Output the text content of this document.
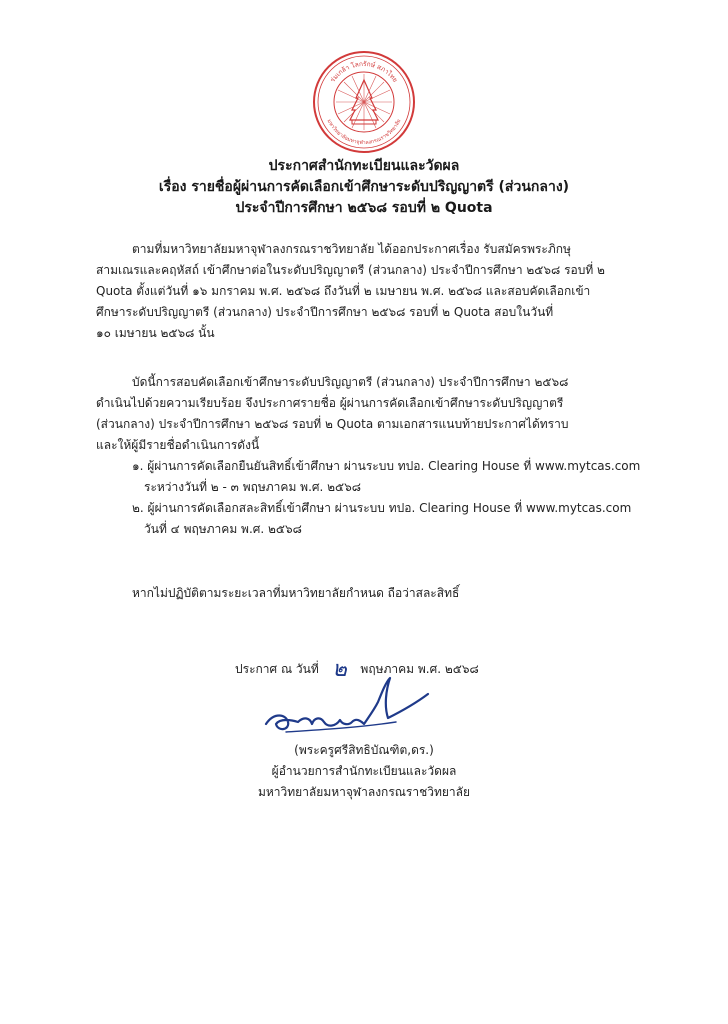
ร่มเกล้า โลกรักษ์ สภาไทย
มหาวิทยาลัยมหาจุฬาลงกรณราชวิทยาลัย
ประกาศสำนักทะเบียนและวัดผล
เรื่อง รายชื่อผู้ผ่านการคัดเลือกเข้าศึกษาระดับปริญญาตรี (ส่วนกลาง)
ประจำปีการศึกษา ๒๕๖๘ รอบที่ ๒ Quota
ตามที่มหาวิทยาลัยมหาจุฬาลงกรณราชวิทยาลัย ได้ออกประกาศเรื่อง รับสมัครพระภิกษุ
สามเณรและคฤหัสถ์ เข้าศึกษาต่อในระดับปริญญาตรี (ส่วนกลาง) ประจำปีการศึกษา ๒๕๖๘ รอบที่ ๒
Quota ตั้งแต่วันที่ ๑๖ มกราคม พ.ศ. ๒๕๖๘ ถึงวันที่ ๒ เมษายน พ.ศ. ๒๕๖๘ และสอบคัดเลือกเข้า
ศึกษาระดับปริญญาตรี (ส่วนกลาง) ประจำปีการศึกษา ๒๕๖๘ รอบที่ ๒ Quota สอบในวันที่
๑๐ เมษายน ๒๕๖๘ นั้น
บัดนี้การสอบคัดเลือกเข้าศึกษาระดับปริญญาตรี (ส่วนกลาง) ประจำปีการศึกษา ๒๕๖๘
ดำเนินไปด้วยความเรียบร้อย จึงประกาศรายชื่อ ผู้ผ่านการคัดเลือกเข้าศึกษาระดับปริญญาตรี
(ส่วนกลาง) ประจำปีการศึกษา ๒๕๖๘ รอบที่ ๒ Quota ตามเอกสารแนบท้ายประกาศได้ทราบ
และให้ผู้มีรายชื่อดำเนินการดังนี้
๑. ผู้ผ่านการคัดเลือกยืนยันสิทธิ์เข้าศึกษา ผ่านระบบ ทปอ. Clearing House ที่ www.mytcas.com
ระหว่างวันที่ ๒ - ๓ พฤษภาคม พ.ศ. ๒๕๖๘
๒. ผู้ผ่านการคัดเลือกสละสิทธิ์เข้าศึกษา ผ่านระบบ ทปอ. Clearing House ที่ www.mytcas.com
วันที่ ๔ พฤษภาคม พ.ศ. ๒๕๖๘
หากไม่ปฏิบัติตามระยะเวลาที่มหาวิทยาลัยกำหนด ถือว่าสละสิทธิ์
ประกาศ ณ วันที่ ๒ พฤษภาคม พ.ศ. ๒๕๖๘
(พระครูศรีสิทธิบัณฑิต,ดร.)
ผู้อำนวยการสำนักทะเบียนและวัดผล
มหาวิทยาลัยมหาจุฬาลงกรณราชวิทยาลัย
